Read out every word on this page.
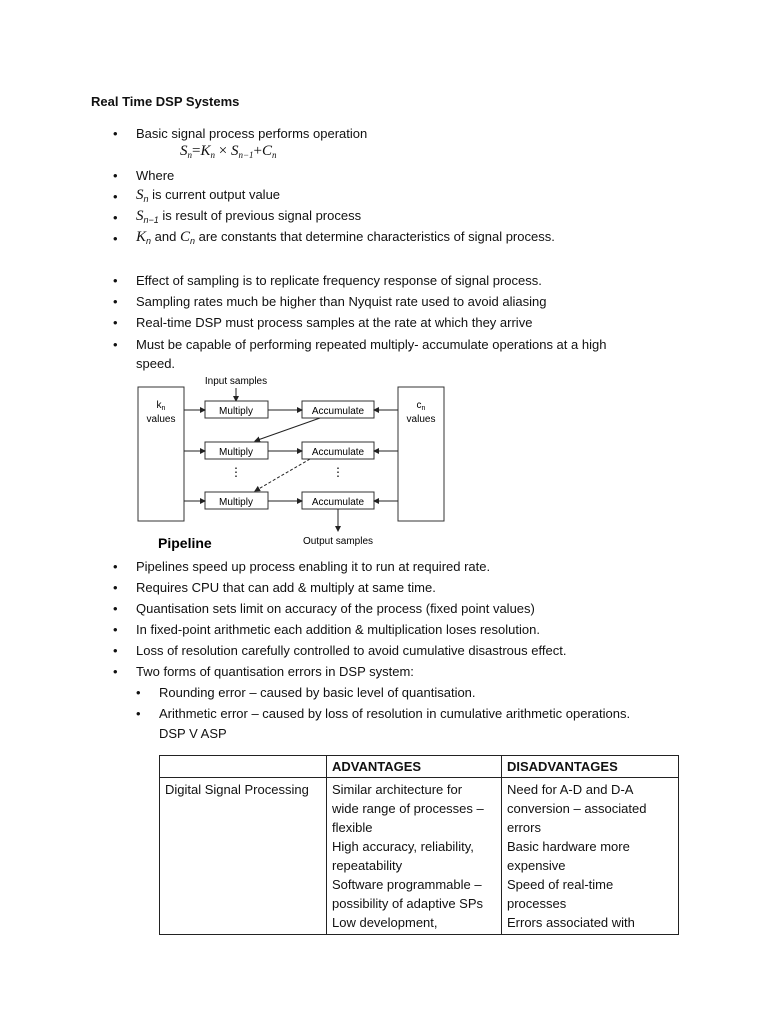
Real Time DSP Systems
• Basic signal process performs operation
$S_n=K_n \times S_{n-1}+C_n$
• Where
• $S_n$ is current output value
• $S_{n-1}$ is result of previous signal process
• $K_n$ and $C_n$ are constants that determine characteristics of signal process.
• Effect of sampling is to replicate frequency response of signal process.
• Sampling rates much be higher than Nyquist rate used to avoid aliasing
• Real-time DSP must process samples at the rate at which they arrive
• Must be capable of performing repeated multiply- accumulate operations at a high
speed.
$k_n$
values
$c_n$
values
Input samples
Multiply	Accumulate
Multiply	Accumulate
⋮	⋮
Multiply	Accumulate
Output samples
Pipeline
• Pipelines speed up process enabling it to run at required rate.
• Requires CPU that can add & multiply at same time.
• Quantisation sets limit on accuracy of the process (fixed point values)
• In fixed-point arithmetic each addition & multiplication loses resolution.
• Loss of resolution carefully controlled to avoid cumulative disastrous effect.
• Two forms of quantisation errors in DSP system:
• Rounding error – caused by basic level of quantisation.
• Arithmetic error – caused by loss of resolution in cumulative arithmetic operations.
DSP V ASP
	ADVANTAGES	DISADVANTAGES
Digital Signal Processing	Similar architecture for
wide range of processes –
flexible
High accuracy, reliability,
repeatability
Software programmable –
possibility of adaptive SPs
Low development,

Need for A-D and D-A
conversion – associated
errors
Basic hardware more
expensive
Speed of real-time
processes
Errors associated with
